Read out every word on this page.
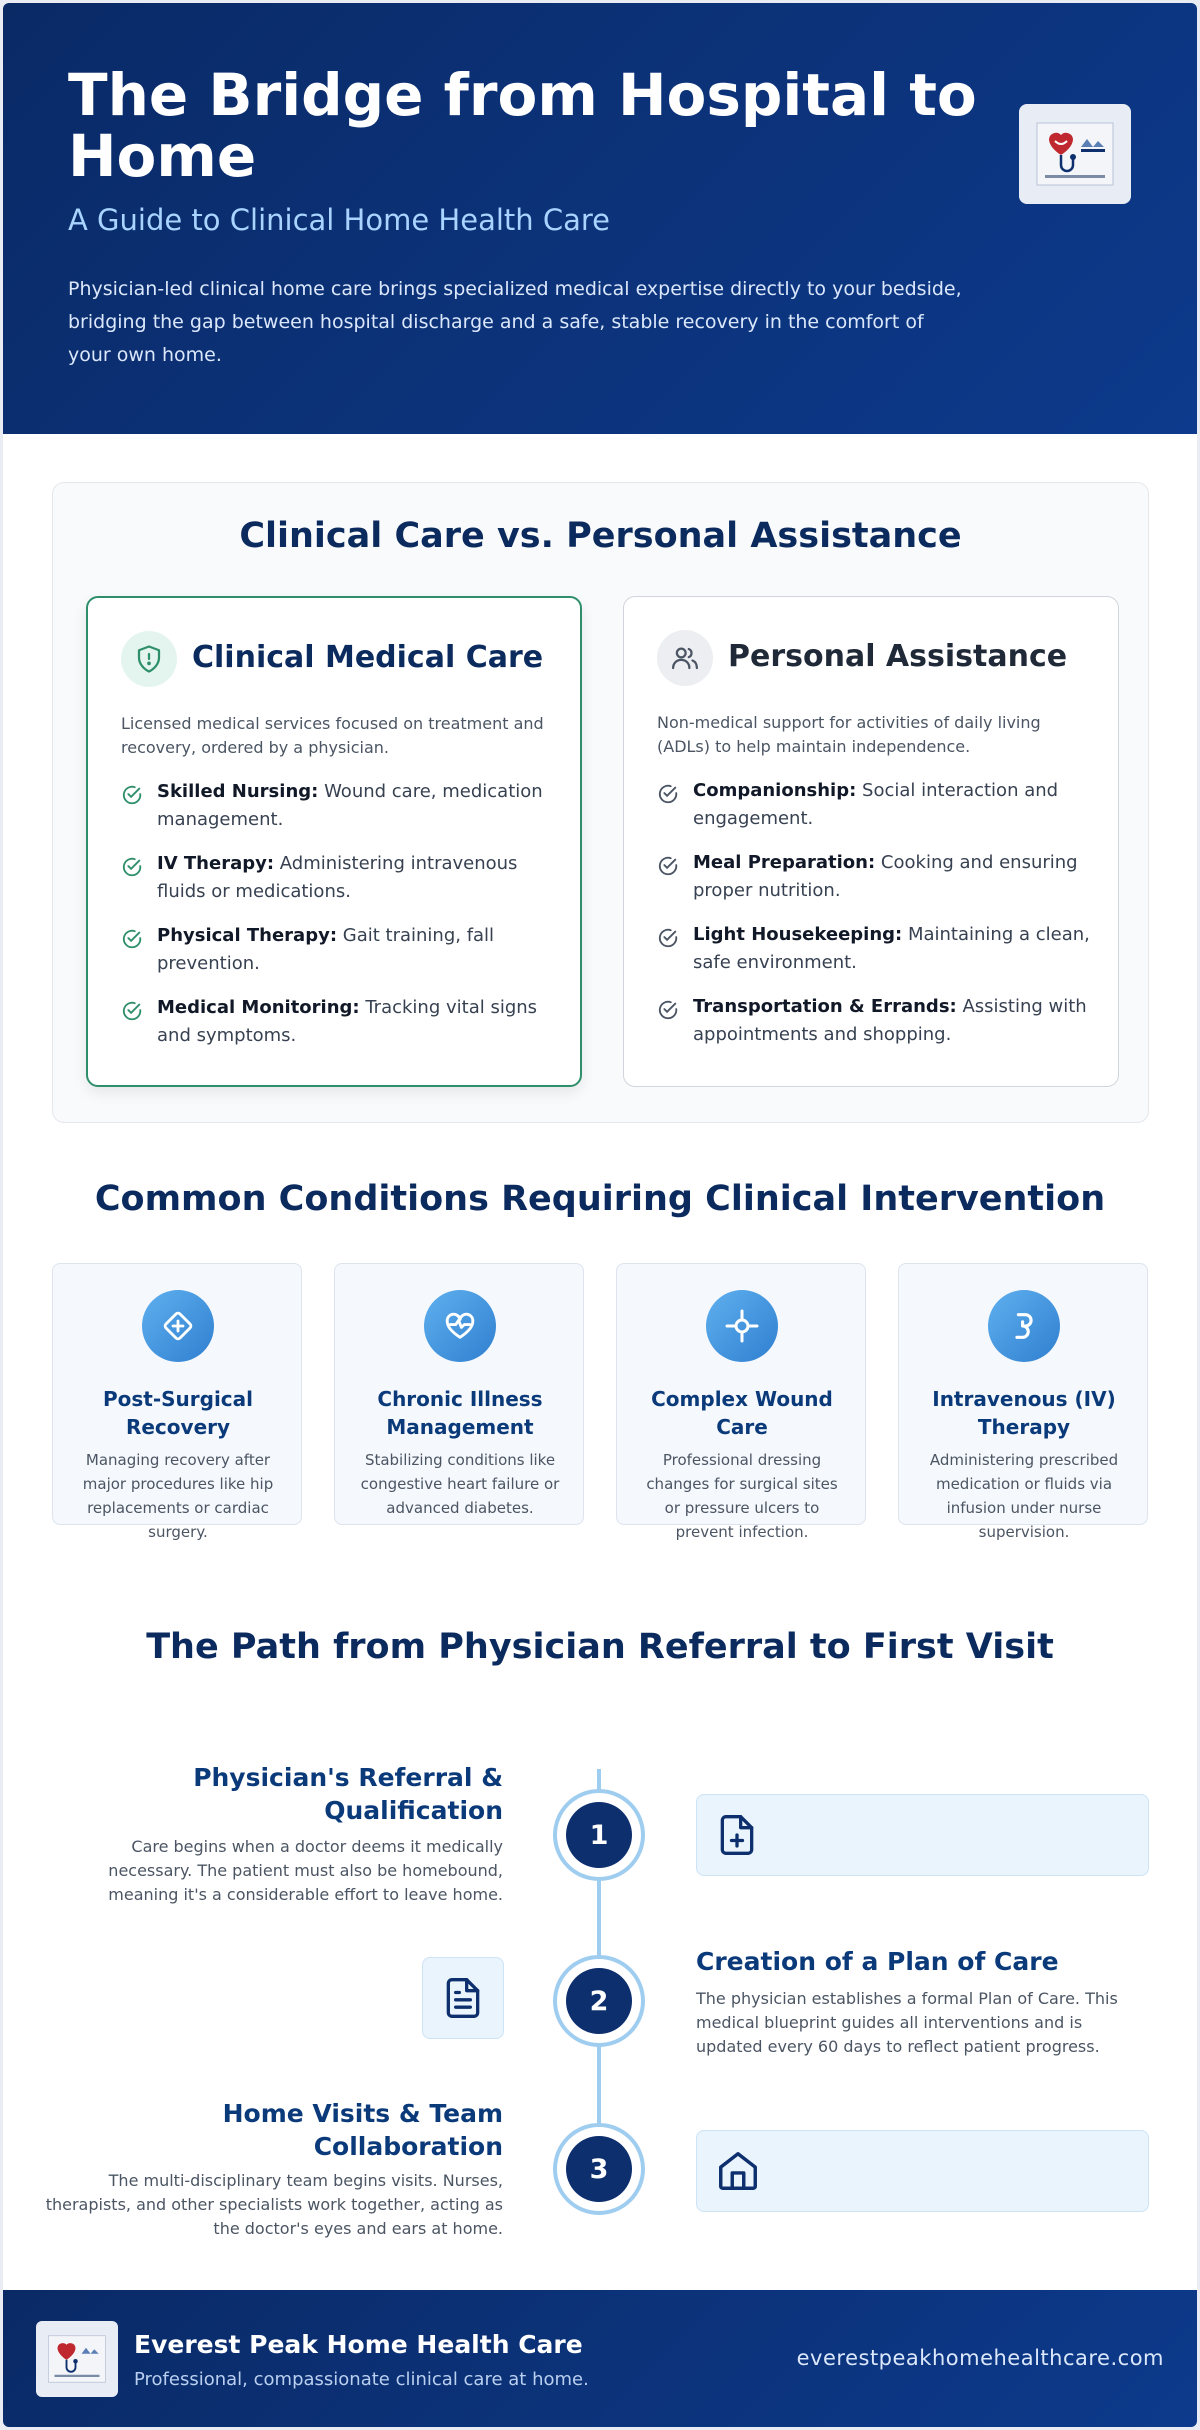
The Bridge from Hospital to Home
A Guide to Clinical Home Health Care

Physician-led clinical home care brings specialized medical expertise directly to your bedside, bridging the gap between hospital discharge and a safe, stable recovery in the comfort of your own home.

Clinical Care vs. Personal Assistance
Clinical Medical Care

Licensed medical services focused on treatment and recovery, ordered by a physician.

Skilled Nursing: Wound care, medication management.
IV Therapy: Administering intravenous fluids or medications.
Physical Therapy: Gait training, fall prevention.
Medical Monitoring: Tracking vital signs and symptoms.
Personal Assistance

Non-medical support for activities of daily living (ADLs) to help maintain independence.

Companionship: Social interaction and engagement.
Meal Preparation: Cooking and ensuring proper nutrition.
Light Housekeeping: Maintaining a clean, safe environment.
Transportation & Errands: Assisting with appointments and shopping.
Common Conditions Requiring Clinical Intervention
Post-Surgical Recovery
Managing recovery after major procedures like hip replacements or cardiac surgery.
Chronic Illness Management
Stabilizing conditions like congestive heart failure or advanced diabetes.
Complex Wound Care
Professional dressing changes for surgical sites or pressure ulcers to prevent infection.
Intravenous (IV) Therapy
Administering prescribed medication or fluids via infusion under nurse supervision.
The Path from Physician Referral to First Visit
Physician's Referral & Qualification
Care begins when a doctor deems it medically necessary. The patient must also be homebound, meaning it's a considerable effort to leave home.
1
2
Creation of a Plan of Care
The physician establishes a formal Plan of Care. This medical blueprint guides all interventions and is updated every 60 days to reflect patient progress.
Home Visits & Team Collaboration
The multi-disciplinary team begins visits. Nurses, therapists, and other specialists work together, acting as the doctor's eyes and ears at home.
3
Everest Peak Home Health Care
Professional, compassionate clinical care at home.
everestpeakhomehealthcare.com
